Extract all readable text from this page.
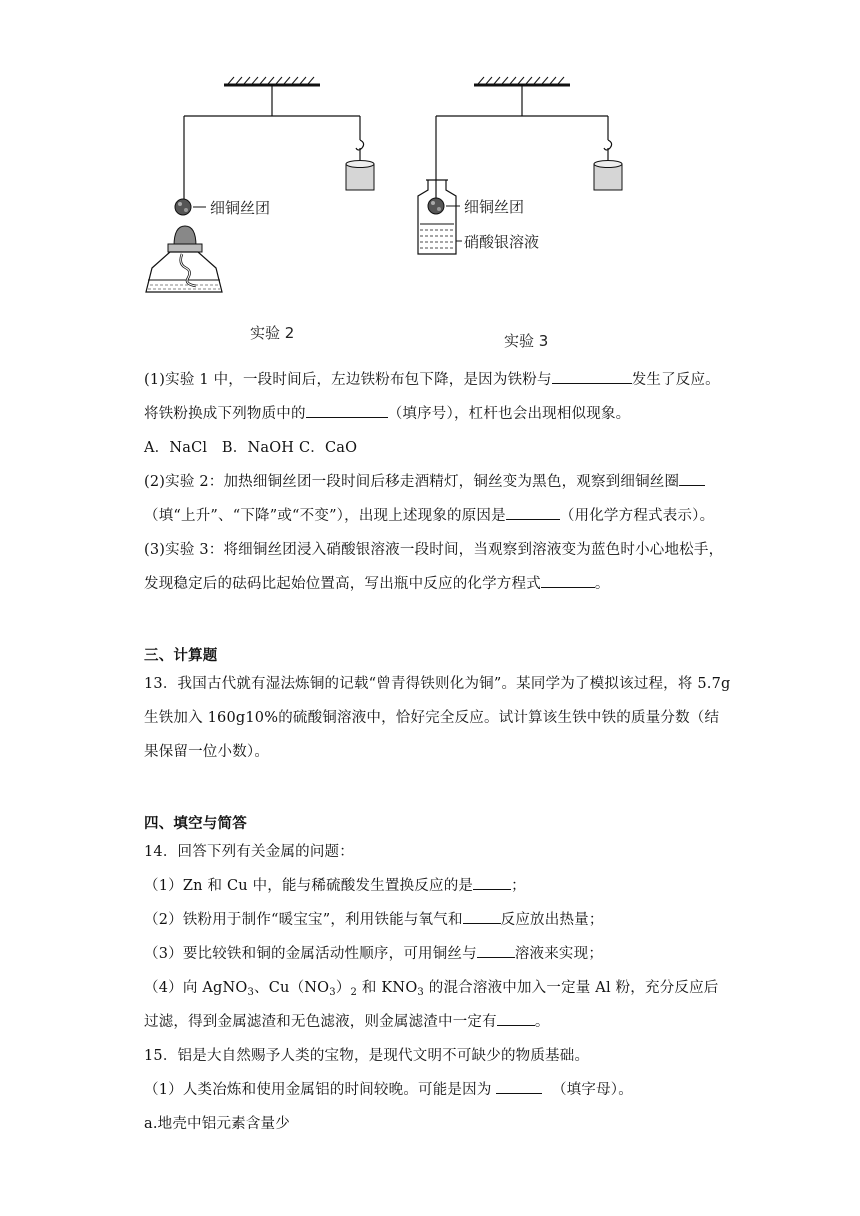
细铜丝团
实验 2
细铜丝团
硝酸银溶液
实验 3
(1)实验 1 中，一段时间后，左边铁粉布包下降，是因为铁粉与	发生了反应。
将铁粉换成下列物质中的	（填序号），杠杆也会出现相似现象。
A．NaCl　B．NaOH C．CaO
(2)实验 2：加热细铜丝团一段时间后移走酒精灯，铜丝变为黑色，观察到细铜丝圈
（填“上升”、“下降”或“不变”），出现上述现象的原因是	（用化学方程式表示）。
(3)实验 3：将细铜丝团浸入硝酸银溶液一段时间，当观察到溶液变为蓝色时小心地松手，
发现稳定后的砝码比起始位置高，写出瓶中反应的化学方程式	。
三、计算题
13．我国古代就有湿法炼铜的记载“曾青得铁则化为铜”。某同学为了模拟该过程，将 5.7g
生铁加入 160g10%的硫酸铜溶液中，恰好完全反应。试计算该生铁中铁的质量分数（结
果保留一位小数）。
四、填空与简答
14．回答下列有关金属的问题：
（1）Zn 和 Cu 中，能与稀硫酸发生置换反应的是	；
（2）铁粉用于制作“暖宝宝”，利用铁能与氧气和	反应放出热量；
（3）要比较铁和铜的金属活动性顺序，可用铜丝与	溶液来实现；
（4）向 AgNO$_3$、$Cu(NO_3)_2$ 和 $KNO_3$ 的混合溶液中加入一定量 Al 粉，充分反应后
过滤，得到金属滤渣和无色滤液，则金属滤渣中一定有	。
15．铝是大自然赐予人类的宝物，是现代文明不可缺少的物质基础。
（1）人类冶炼和使用金属铝的时间较晚。可能是因为	（填字母）。
a.地壳中铝元素含量少
